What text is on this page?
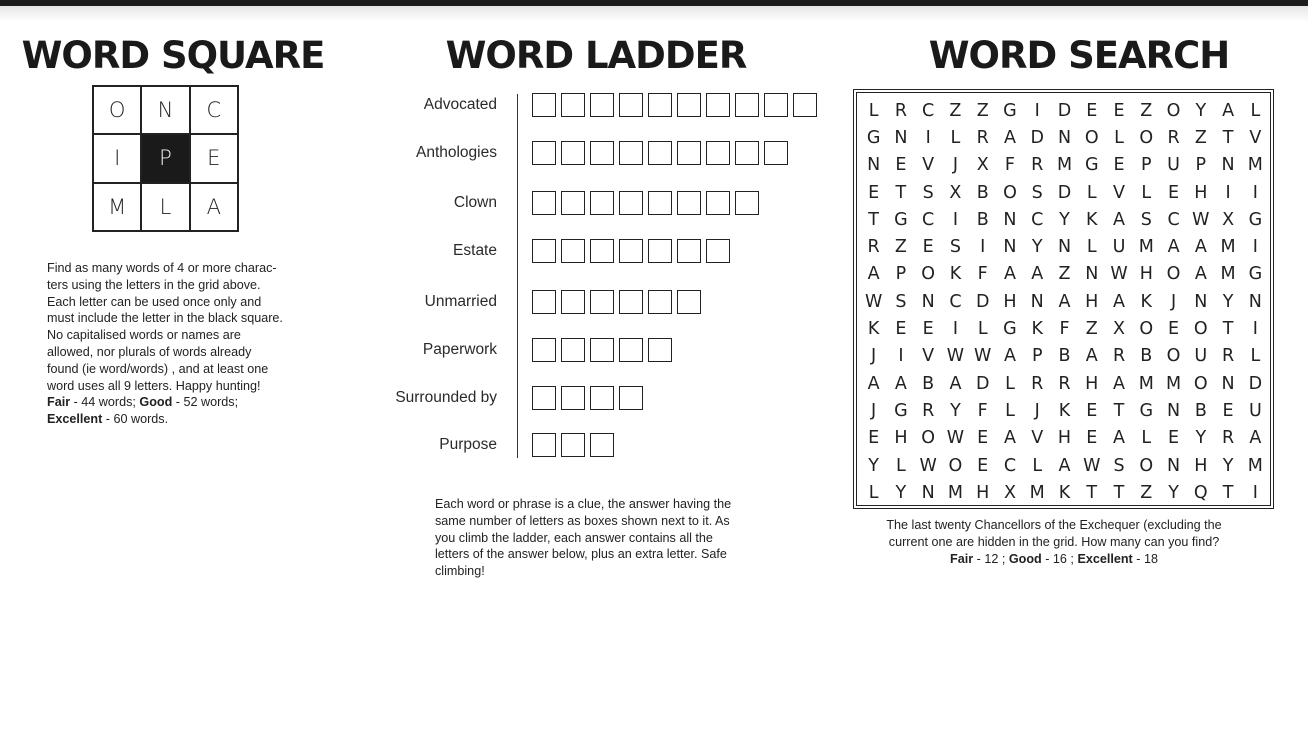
WORD SQUARE
O	N	C
I	P	E
M	L	A
Find as many words of 4 or more charac-
ters using the letters in the grid above.
Each letter can be used once only and
must include the letter in the black square.
No capitalised words or names are
allowed, nor plurals of words already
found (ie word/words) , and at least one
word uses all 9 letters. Happy hunting!
Fair - 44 words; Good - 52 words;
Excellent - 60 words.
WORD LADDER
Advocated
Anthologies
Clown
Estate
Unmarried
Paperwork
Surrounded by
Purpose
Each word or phrase is a clue, the answer having the
same number of letters as boxes shown next to it. As
you climb the ladder, each answer contains all the
letters of the answer below, plus an extra letter. Safe
climbing!
WORD SEARCH
L R C Z Z G	I	D E E Z O Y A L
G N	I	L R A D N O L O R Z T V
N E V	J	X F R M G E P U P N M
E T S X B O S D L V L E H	I	I
T G C	I	B N C Y K A S C W X G
R Z E S	I	N Y N L U M A A M I
A P O K F A A Z N W H O A M G
W S N C D H N A H A K	J	N Y N
K E E	I	L G K F Z X O E O T	I
J	I	V W W A P B A R B O U R L
A A B A D L R R H A M M O N D
J	G R Y F L	J	K E T G N B E U
E H O W E A V H E A L E Y R A
Y L W O E C L A W S O N H Y M
L Y N M H X M K T T Z Y Q T	I
The last twenty Chancellors of the Exchequer (excluding the
current one are hidden in the grid. How many can you find?
Fair - 12 ; Good - 16 ; Excellent - 18
